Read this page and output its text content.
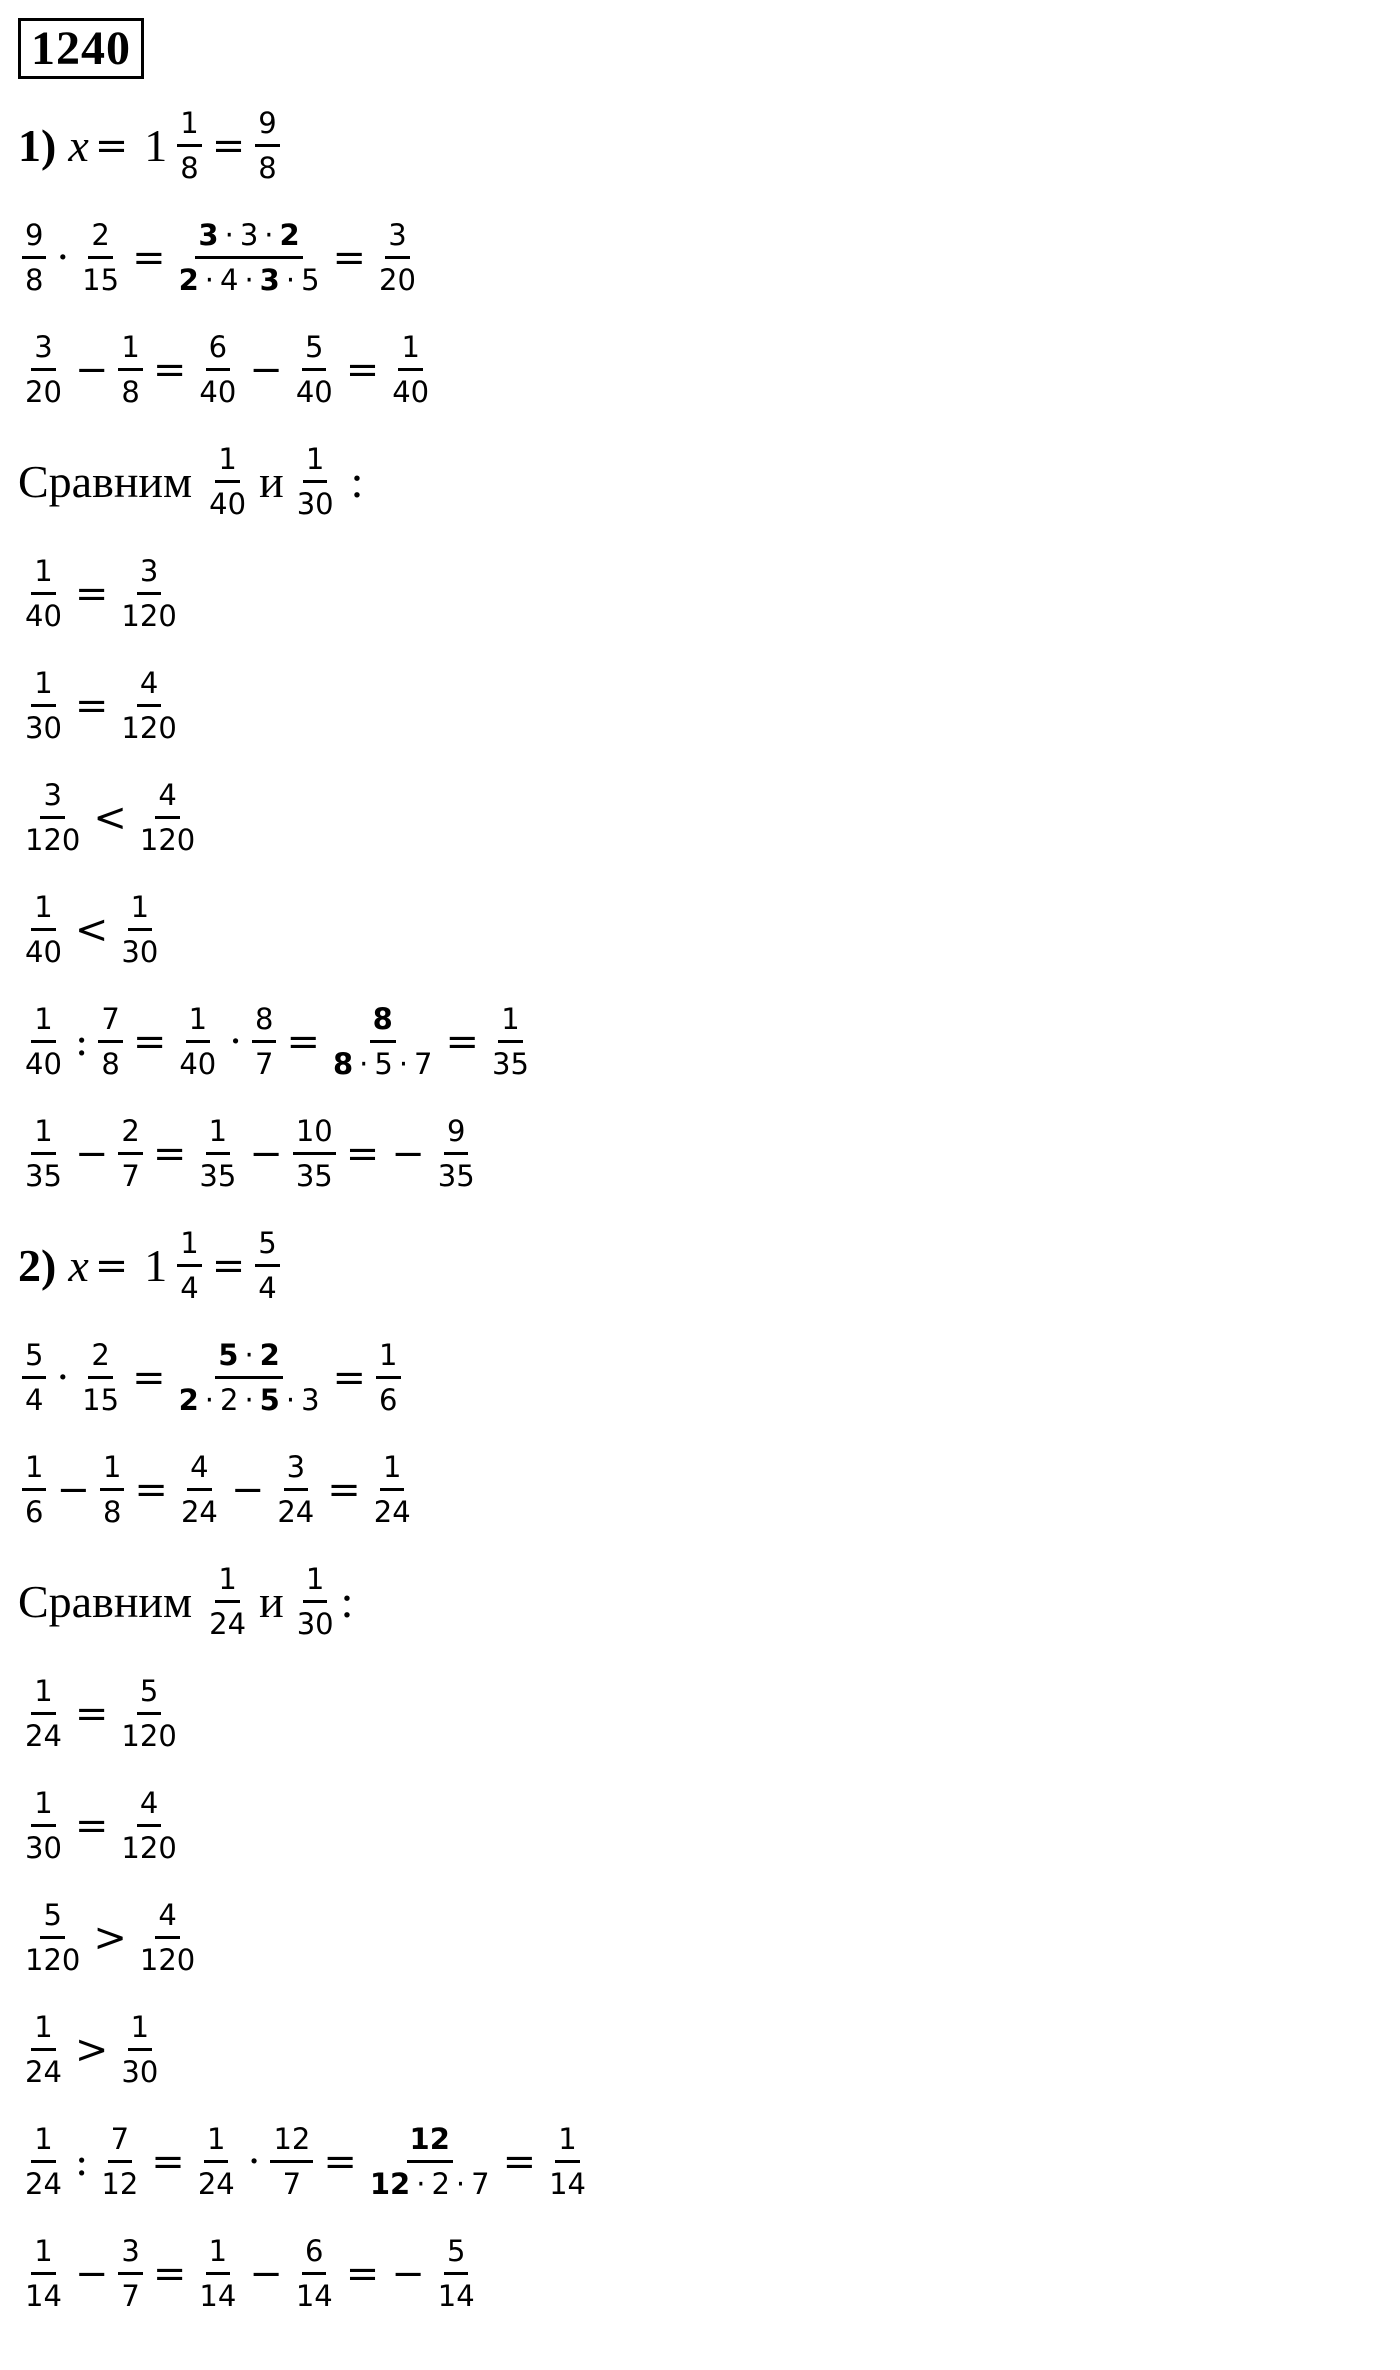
1240
1) $x = 1 \frac{1}{8} = \frac{9}{8}$
$\frac{9}{8} \cdot \frac{2}{15} = \frac{3 \cdot 3 \cdot 2}{2 \cdot 4 \cdot 3 \cdot 5} = \frac{3}{20}$
$\frac{3}{20} - \frac{1}{8} = \frac{6}{40} - \frac{5}{40} = \frac{1}{40}$
Сравним $\frac{1}{40}$ и $\frac{1}{30}$ :
$\frac{1}{40} = \frac{3}{120}$
$\frac{1}{30} = \frac{4}{120}$
$\frac{3}{120} < \frac{4}{120}$
$\frac{1}{40} < \frac{1}{30}$
$\frac{1}{40}$ : $\frac{7}{8} = \frac{1}{40} \cdot \frac{8}{7} = \frac{8}{8 \cdot 5 \cdot 7} = \frac{1}{35}$
$\frac{1}{35} - \frac{2}{7} = \frac{1}{35} - \frac{10}{35}$ = − $\frac{9}{35}$
2) $x = 1 \frac{1}{4} = \frac{5}{4}$
$\frac{5}{4} \cdot \frac{2}{15} = \frac{5 \cdot 2}{2 \cdot 2 \cdot 5 \cdot 3} = \frac{1}{6}$
$\frac{1}{6} - \frac{1}{8} = \frac{4}{24} - \frac{3}{24} = \frac{1}{24}$
Сравним $\frac{1}{24}$ и $\frac{1}{30}$ :
$\frac{1}{24} = \frac{5}{120}$
$\frac{1}{30} = \frac{4}{120}$
$\frac{5}{120} > \frac{4}{120}$
$\frac{1}{24} > \frac{1}{30}$
$\frac{1}{24}$ : $\frac{7}{12} = \frac{1}{24} \cdot \frac{12}{7} = \frac{12}{12 \cdot 2 \cdot 7} = \frac{1}{14}$
$\frac{1}{14} - \frac{3}{7} = \frac{1}{14} - \frac{6}{14}$ = − $\frac{5}{14}$
